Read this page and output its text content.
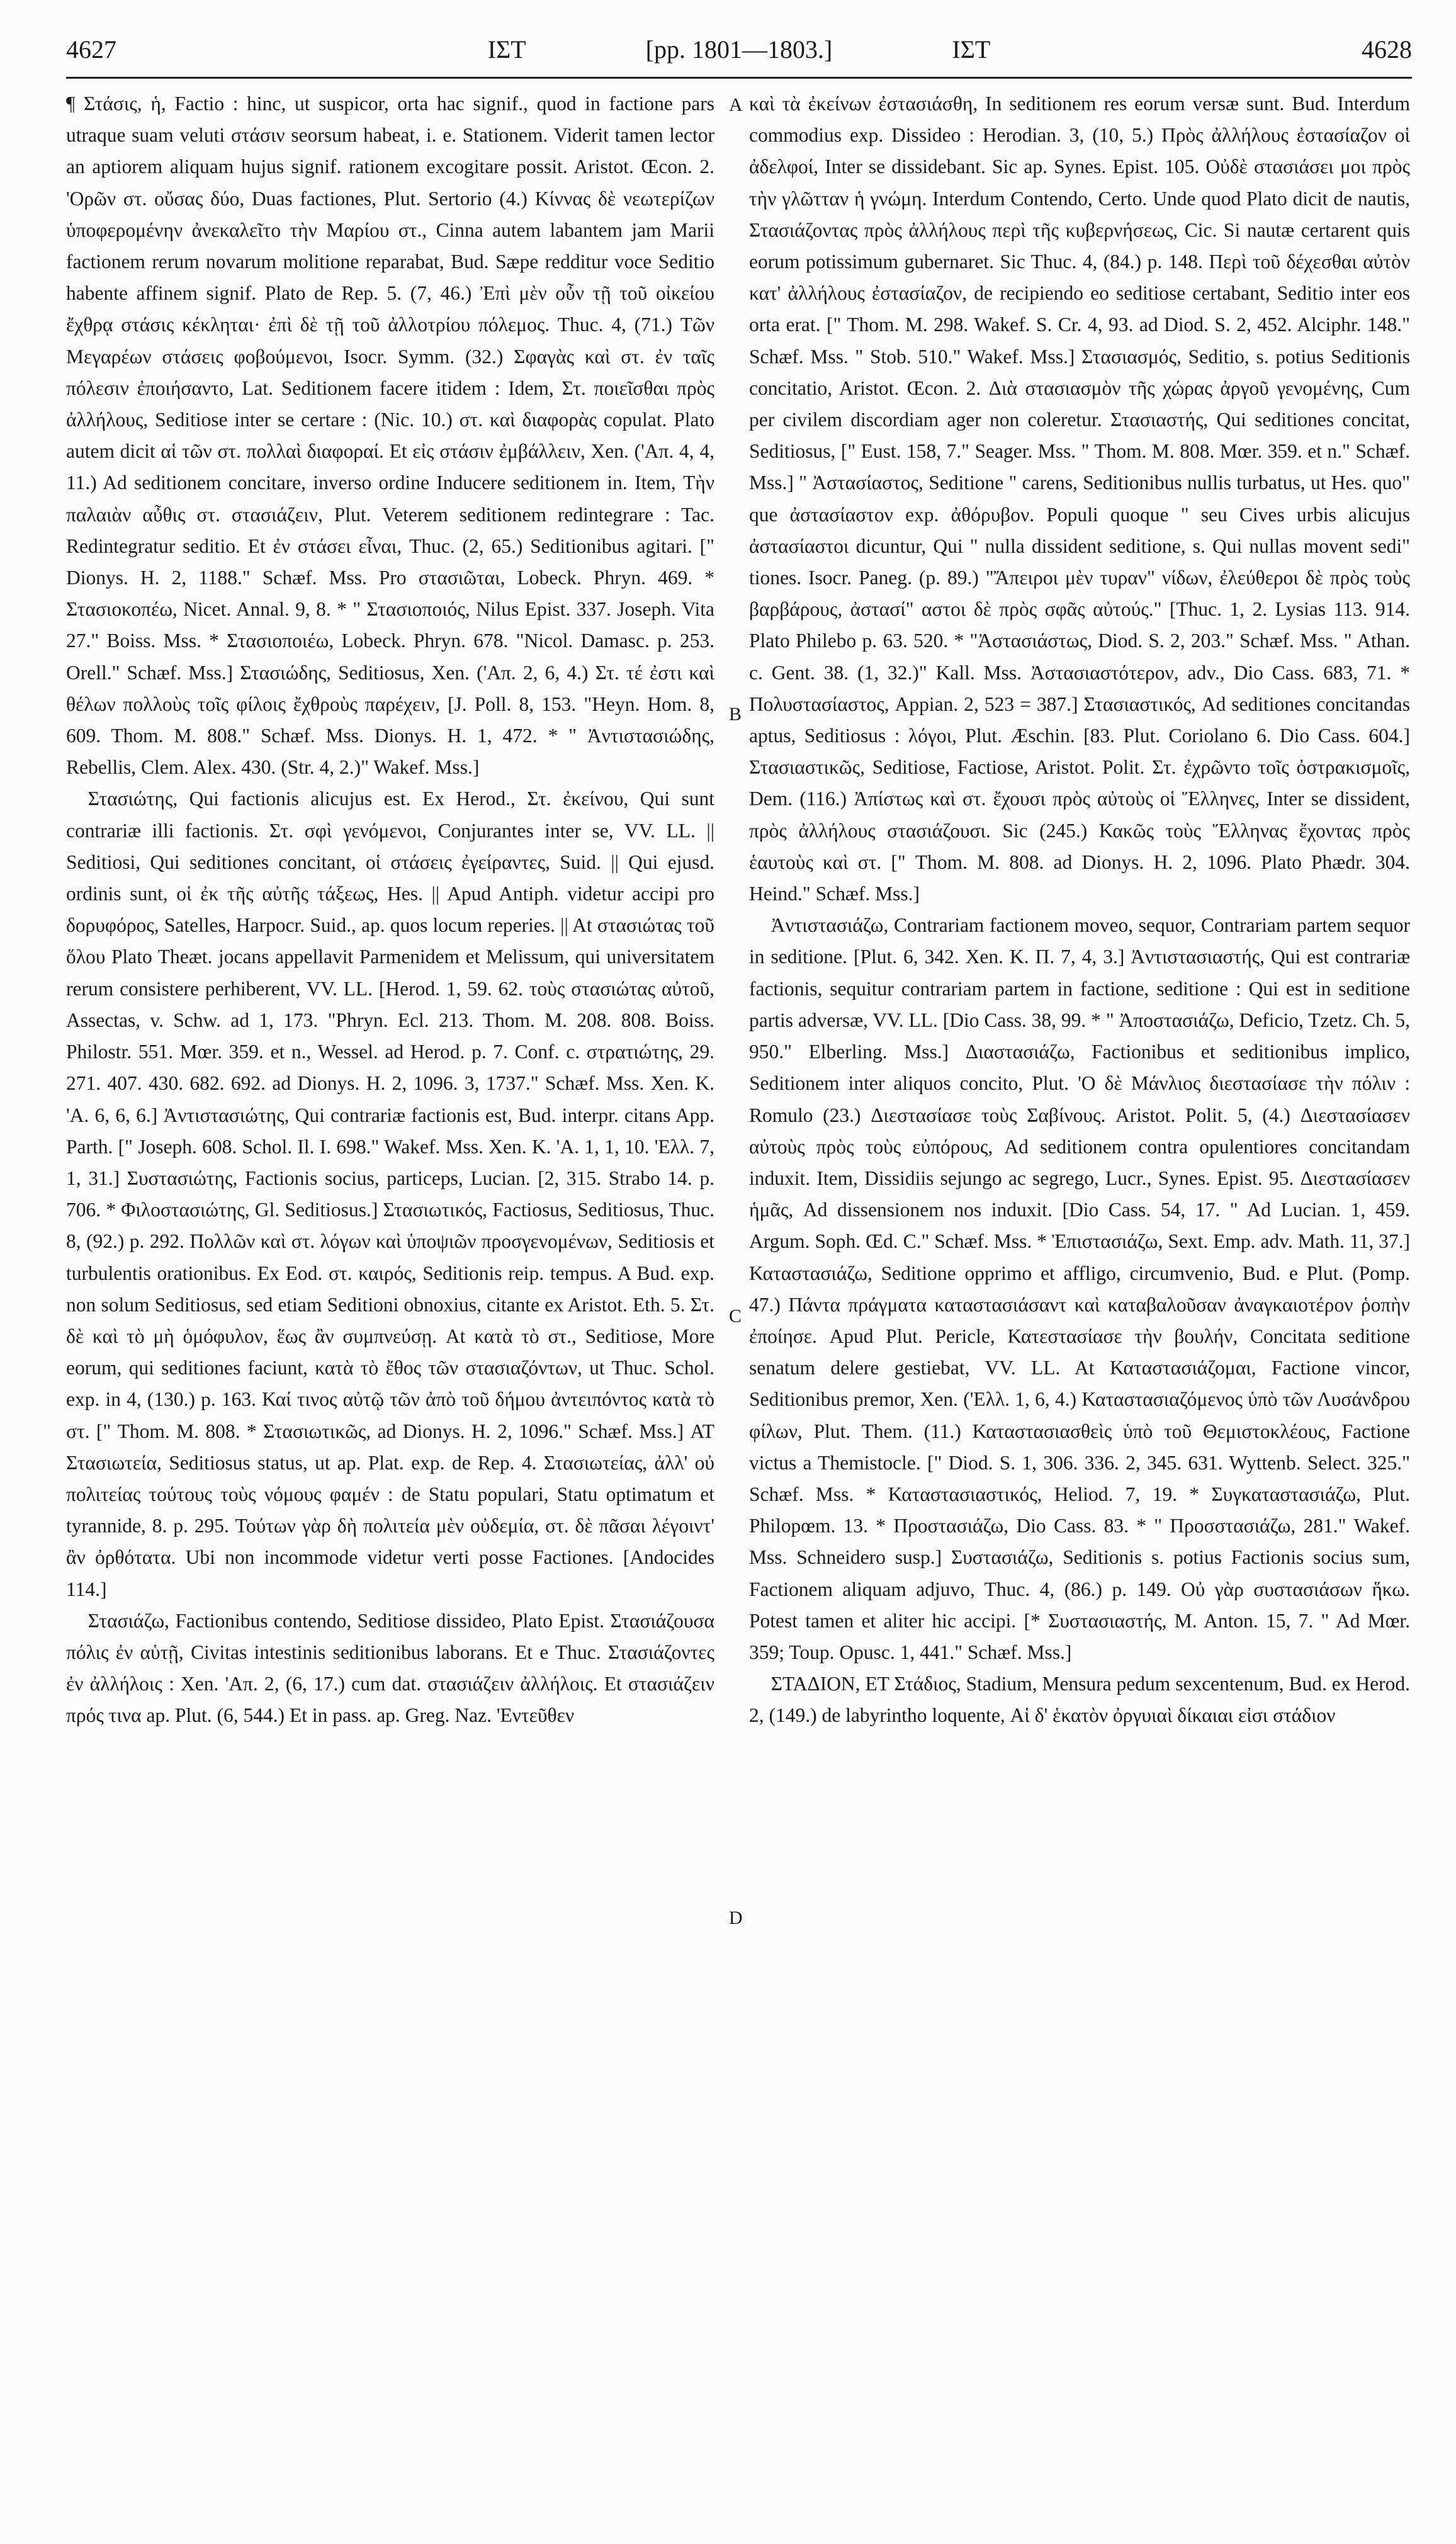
4627	ΙΣΤ	[pp. 1801—1803.]	ΙΣΤ	4628
A
B
C
D

¶ Στάσις, ἡ, Factio : hinc, ut suspicor, orta hac signif., quod in factione pars utraque suam veluti στάσιν seorsum habeat, i. e. Stationem. Viderit tamen lector an aptiorem aliquam hujus signif. rationem excogitare possit. Aristot. Œcon. 2. 'Ορῶν στ. οὔσας δύο, Duas factiones, Plut. Sertorio (4.) Κίννας δὲ νεωτερίζων ὑποφερομένην ἀνεκαλεῖτο τὴν Μαρίου στ., Cinna autem labantem jam Marii factionem rerum novarum molitione reparabat, Bud. Sæpe redditur voce Seditio habente affinem signif. Plato de Rep. 5. (7, 46.) Ἐπὶ μὲν οὖν τῇ τοῦ οἰκείου ἔχθρᾳ στάσις κέκληται· ἐπὶ δὲ τῇ τοῦ ἀλλοτρίου πόλεμος. Thuc. 4, (71.) Τῶν Μεγαρέων στάσεις φοβούμενοι, Isocr. Symm. (32.) Σφαγὰς καὶ στ. ἐν ταῖς πόλεσιν ἐποιήσαντο, Lat. Seditionem facere itidem : Idem, Στ. ποιεῖσθαι πρὸς ἀλλήλους, Seditiose inter se certare : (Nic. 10.) στ. καὶ διαφορὰς copulat. Plato autem dicit αἱ τῶν στ. πολλαὶ διαφοραί. Et εἰς στάσιν ἐμβάλλειν, Xen. ('Απ. 4, 4, 11.) Ad seditionem concitare, inverso ordine Inducere seditionem in. Item, Τὴν παλαιὰν αὖθις στ. στασιάζειν, Plut. Veterem seditionem redintegrare : Tac. Redintegratur seditio. Et ἐν στάσει εἶναι, Thuc. (2, 65.) Seditionibus agitari. [" Dionys. H. 2, 1188." Schæf. Mss. Pro στασιῶται, Lobeck. Phryn. 469. * Στασιοκοπέω, Nicet. Annal. 9, 8. * " Στασιοποιός, Nilus Epist. 337. Joseph. Vita 27." Boiss. Mss. * Στασιοποιέω, Lobeck. Phryn. 678. "Nicol. Damasc. p. 253. Orell." Schæf. Mss.] Στασιώδης, Seditiosus, Xen. ('Απ. 2, 6, 4.) Στ. τέ ἐστι καὶ θέλων πολλοὺς τοῖς φίλοις ἔχθροὺς παρέχειν, [J. Poll. 8, 153. "Heyn. Hom. 8, 609. Thom. M. 808." Schæf. Mss. Dionys. H. 1, 472. * " Ἀντιστασιώδης, Rebellis, Clem. Alex. 430. (Str. 4, 2.)" Wakef. Mss.]

Στασιώτης, Qui factionis alicujus est. Ex Herod., Στ. ἐκείνου, Qui sunt contrariæ illi factionis. Στ. σφὶ γενόμενοι, Conjurantes inter se, VV. LL. || Seditiosi, Qui seditiones concitant, οἱ στάσεις ἐγείραντες, Suid. || Qui ejusd. ordinis sunt, οἱ ἐκ τῆς αὐτῆς τάξεως, Hes. || Apud Antiph. videtur accipi pro δορυφόρος, Satelles, Harpocr. Suid., ap. quos locum reperies. || At στασιώτας τοῦ ὅλου Plato Theæt. jocans appellavit Parmenidem et Melissum, qui universitatem rerum consistere perhiberent, VV. LL. [Herod. 1, 59. 62. τοὺς στασιώτας αὐτοῦ, Assectas, v. Schw. ad 1, 173. "Phryn. Ecl. 213. Thom. M. 208. 808. Boiss. Philostr. 551. Mœr. 359. et n., Wessel. ad Herod. p. 7. Conf. c. στρατιώτης, 29. 271. 407. 430. 682. 692. ad Dionys. H. 2, 1096. 3, 1737." Schæf. Mss. Xen. K. 'Α. 6, 6, 6.] Ἀντιστασιώτης, Qui contrariæ factionis est, Bud. interpr. citans App. Parth. [" Joseph. 608. Schol. Il. I. 698." Wakef. Mss. Xen. K. 'Α. 1, 1, 10. 'Ελλ. 7, 1, 31.] Συστασιώτης, Factionis socius, particeps, Lucian. [2, 315. Strabo 14. p. 706. * Φιλοστασιώτης, Gl. Seditiosus.] Στασιωτικός, Factiosus, Seditiosus, Thuc. 8, (92.) p. 292. Πολλῶν καὶ στ. λόγων καὶ ὑποψιῶν προσγενομένων, Seditiosis et turbulentis orationibus. Ex Eod. στ. καιρός, Seditionis reip. tempus. A Bud. exp. non solum Seditiosus, sed etiam Seditioni obnoxius, citante ex Aristot. Eth. 5. Στ. δὲ καὶ τὸ μὴ ὁμόφυλον, ἕως ἂν συμπνεύσῃ. At κατὰ τὸ στ., Seditiose, More eorum, qui seditiones faciunt, κατὰ τὸ ἔθος τῶν στασιαζόντων, ut Thuc. Schol. exp. in 4, (130.) p. 163. Καί τινος αὐτῷ τῶν ἀπὸ τοῦ δήμου ἀντειπόντος κατὰ τὸ στ. [" Thom. M. 808. * Στασιωτικῶς, ad Dionys. H. 2, 1096." Schæf. Mss.] AT Στασιωτεία, Seditiosus status, ut ap. Plat. exp. de Rep. 4. Στασιωτείας, ἀλλ' οὐ πολιτείας τούτους τοὺς νόμους φαμέν : de Statu populari, Statu optimatum et tyrannide, 8. p. 295. Τούτων γὰρ δὴ πολιτεία μὲν οὐδεμία, στ. δὲ πᾶσαι λέγοιντ' ἂν ὀρθότατα. Ubi non incommode videtur verti posse Factiones. [Andocides 114.]

Στασιάζω, Factionibus contendo, Seditiose dissideo, Plato Epist. Στασιάζουσα πόλις ἐν αὑτῇ, Civitas intestinis seditionibus laborans. Et e Thuc. Στασιάζοντες ἐν ἀλλήλοις : Xen. 'Απ. 2, (6, 17.) cum dat. στασιάζειν ἀλλήλοις. Et στασιάζειν πρός τινα ap. Plut. (6, 544.) Et in pass. ap. Greg. Naz. 'Εντεῦθεν

καὶ τὰ ἐκείνων ἐστασιάσθη, In seditionem res eorum versæ sunt. Bud. Interdum commodius exp. Dissideo : Herodian. 3, (10, 5.) Πρὸς ἀλλήλους ἐστασίαζον οἱ ἀδελφοί, Inter se dissidebant. Sic ap. Synes. Epist. 105. Οὐδὲ στασιάσει μοι πρὸς τὴν γλῶτταν ἡ γνώμη. Interdum Contendo, Certo. Unde quod Plato dicit de nautis, Στασιάζοντας πρὸς ἀλλήλους περὶ τῆς κυβερνήσεως, Cic. Si nautæ certarent quis eorum potissimum gubernaret. Sic Thuc. 4, (84.) p. 148. Περὶ τοῦ δέχεσθαι αὐτὸν κατ' ἀλλήλους ἐστασίαζον, de recipiendo eo seditiose certabant, Seditio inter eos orta erat. [" Thom. M. 298. Wakef. S. Cr. 4, 93. ad Diod. S. 2, 452. Alciphr. 148." Schæf. Mss. " Stob. 510." Wakef. Mss.] Στασιασμός, Seditio, s. potius Seditionis concitatio, Aristot. Œcon. 2. Διὰ στασιασμὸν τῆς χώρας ἀργοῦ γενομένης, Cum per civilem discordiam ager non coleretur. Στασιαστής, Qui seditiones concitat, Seditiosus, [" Eust. 158, 7." Seager. Mss. " Thom. M. 808. Mœr. 359. et n." Schæf. Mss.] " Ἀστασίαστος, Seditione " carens, Seditionibus nullis turbatus, ut Hes. quo" que ἀστασίαστον exp. ἀθόρυβον. Populi quoque " seu Cives urbis alicujus ἀστασίαστοι dicuntur, Qui " nulla dissident seditione, s. Qui nullas movent sedi" tiones. Isocr. Paneg. (p. 89.) "Ἄπειροι μὲν τυραν" νίδων, ἐλεύθεροι δὲ πρὸς τοὺς βαρβάρους, ἀστασί" αστοι δὲ πρὸς σφᾶς αὐτούς." [Thuc. 1, 2. Lysias 113. 914. Plato Philebo p. 63. 520. * "Ἀστασιάστως, Diod. S. 2, 203." Schæf. Mss. " Athan. c. Gent. 38. (1, 32.)" Kall. Mss. Ἀστασιαστότερον, adv., Dio Cass. 683, 71. * Πολυστασίαστος, Appian. 2, 523 = 387.] Στασιαστικός, Ad seditiones concitandas aptus, Seditiosus : λόγοι, Plut. Æschin. [83. Plut. Coriolano 6. Dio Cass. 604.] Στασιαστικῶς, Seditiose, Factiose, Aristot. Polit. Στ. ἐχρῶντο τοῖς ὀστρακισμοῖς, Dem. (116.) Ἀπίστως καὶ στ. ἔχουσι πρὸς αὐτοὺς οἱ Ἕλληνες, Inter se dissident, πρὸς ἀλλήλους στασιάζουσι. Sic (245.) Κακῶς τοὺς Ἕλληνας ἔχοντας πρὸς ἑαυτοὺς καὶ στ. [" Thom. M. 808. ad Dionys. H. 2, 1096. Plato Phædr. 304. Heind." Schæf. Mss.]

Ἀντιστασιάζω, Contrariam factionem moveo, sequor, Contrariam partem sequor in seditione. [Plut. 6, 342. Xen. K. Π. 7, 4, 3.] Ἀντιστασιαστής, Qui est contrariæ factionis, sequitur contrariam partem in factione, seditione : Qui est in seditione partis adversæ, VV. LL. [Dio Cass. 38, 99. * " Ἀποστασιάζω, Deficio, Tzetz. Ch. 5, 950." Elberling. Mss.] Διαστασιάζω, Factionibus et seditionibus implico, Seditionem inter aliquos concito, Plut. 'Ο δὲ Μάνλιος διεστασίασε τὴν πόλιν : Romulo (23.) Διεστασίασε τοὺς Σαβίνους. Aristot. Polit. 5, (4.) Διεστασίασεν αὐτοὺς πρὸς τοὺς εὐπόρους, Ad seditionem contra opulentiores concitandam induxit. Item, Dissidiis sejungo ac segrego, Lucr., Synes. Epist. 95. Διεστασίασεν ἡμᾶς, Ad dissensionem nos induxit. [Dio Cass. 54, 17. " Ad Lucian. 1, 459. Argum. Soph. Œd. C." Schæf. Mss. * Ἐπιστασιάζω, Sext. Emp. adv. Math. 11, 37.] Καταστασιάζω, Seditione opprimo et affligo, circumvenio, Bud. e Plut. (Pomp. 47.) Πάντα πράγματα καταστασιάσαντ καὶ καταβαλοῦσαν ἀναγκαιοτέρον ῥοπὴν ἐποίησε. Apud Plut. Pericle, Κατεστασίασε τὴν βουλήν, Concitata seditione senatum delere gestiebat, VV. LL. At Καταστασιάζομαι, Factione vincor, Seditionibus premor, Xen. ('Ελλ. 1, 6, 4.) Καταστασιαζόμενος ὑπὸ τῶν Λυσάνδρου φίλων, Plut. Them. (11.) Καταστασιασθεὶς ὑπὸ τοῦ Θεμιστοκλέους, Factione victus a Themistocle. [" Diod. S. 1, 306. 336. 2, 345. 631. Wyttenb. Select. 325." Schæf. Mss. * Καταστασιαστικός, Heliod. 7, 19. * Συγκαταστασιάζω, Plut. Philopœm. 13. * Προστασιάζω, Dio Cass. 83. * " Προσστασιάζω, 281." Wakef. Mss. Schneidero susp.] Συστασιάζω, Seditionis s. potius Factionis socius sum, Factionem aliquam adjuvo, Thuc. 4, (86.) p. 149. Οὐ γὰρ συστασιάσων ἥκω. Potest tamen et aliter hic accipi. [* Συστασιαστής, M. Anton. 15, 7. " Ad Mœr. 359; Toup. Opusc. 1, 441." Schæf. Mss.]

ΣΤΑΔΙΟΝ, ET Στάδιος, Stadium, Mensura pedum sexcentenum, Bud. ex Herod. 2, (149.) de labyrintho loquente, Αἱ δ' ἑκατὸν ὀργυιαὶ δίκαιαι εἰσι στάδιον
